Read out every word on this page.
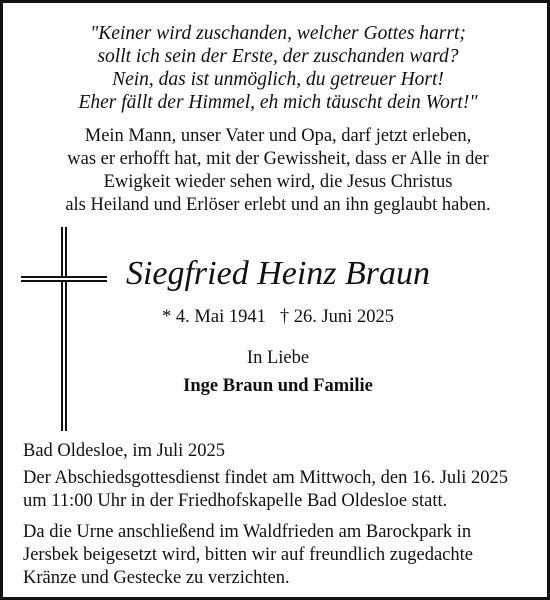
"Keiner wird zuschanden, welcher Gottes harrt;
sollt ich sein der Erste, der zuschanden ward?
Nein, das ist unmöglich, du getreuer Hort!
Eher fällt der Himmel, eh mich täuscht dein Wort!"
Mein Mann, unser Vater und Opa, darf jetzt erleben,
was er erhofft hat, mit der Gewissheit, dass er Alle in der
Ewigkeit wieder sehen wird, die Jesus Christus
als Heiland und Erlöser erlebt und an ihn geglaubt haben.
Siegfried Heinz Braun
* 4. Mai 1941 † 26. Juni 2025
In Liebe
Inge Braun und Familie
Bad Oldesloe, im Juli 2025
Der Abschiedsgottesdienst findet am Mittwoch, den 16. Juli 2025
um 11:00 Uhr in der Friedhofskapelle Bad Oldesloe statt.
Da die Urne anschließend im Waldfrieden am Barockpark in
Jersbek beigesetzt wird, bitten wir auf freundlich zugedachte
Kränze und Gestecke zu verzichten.
